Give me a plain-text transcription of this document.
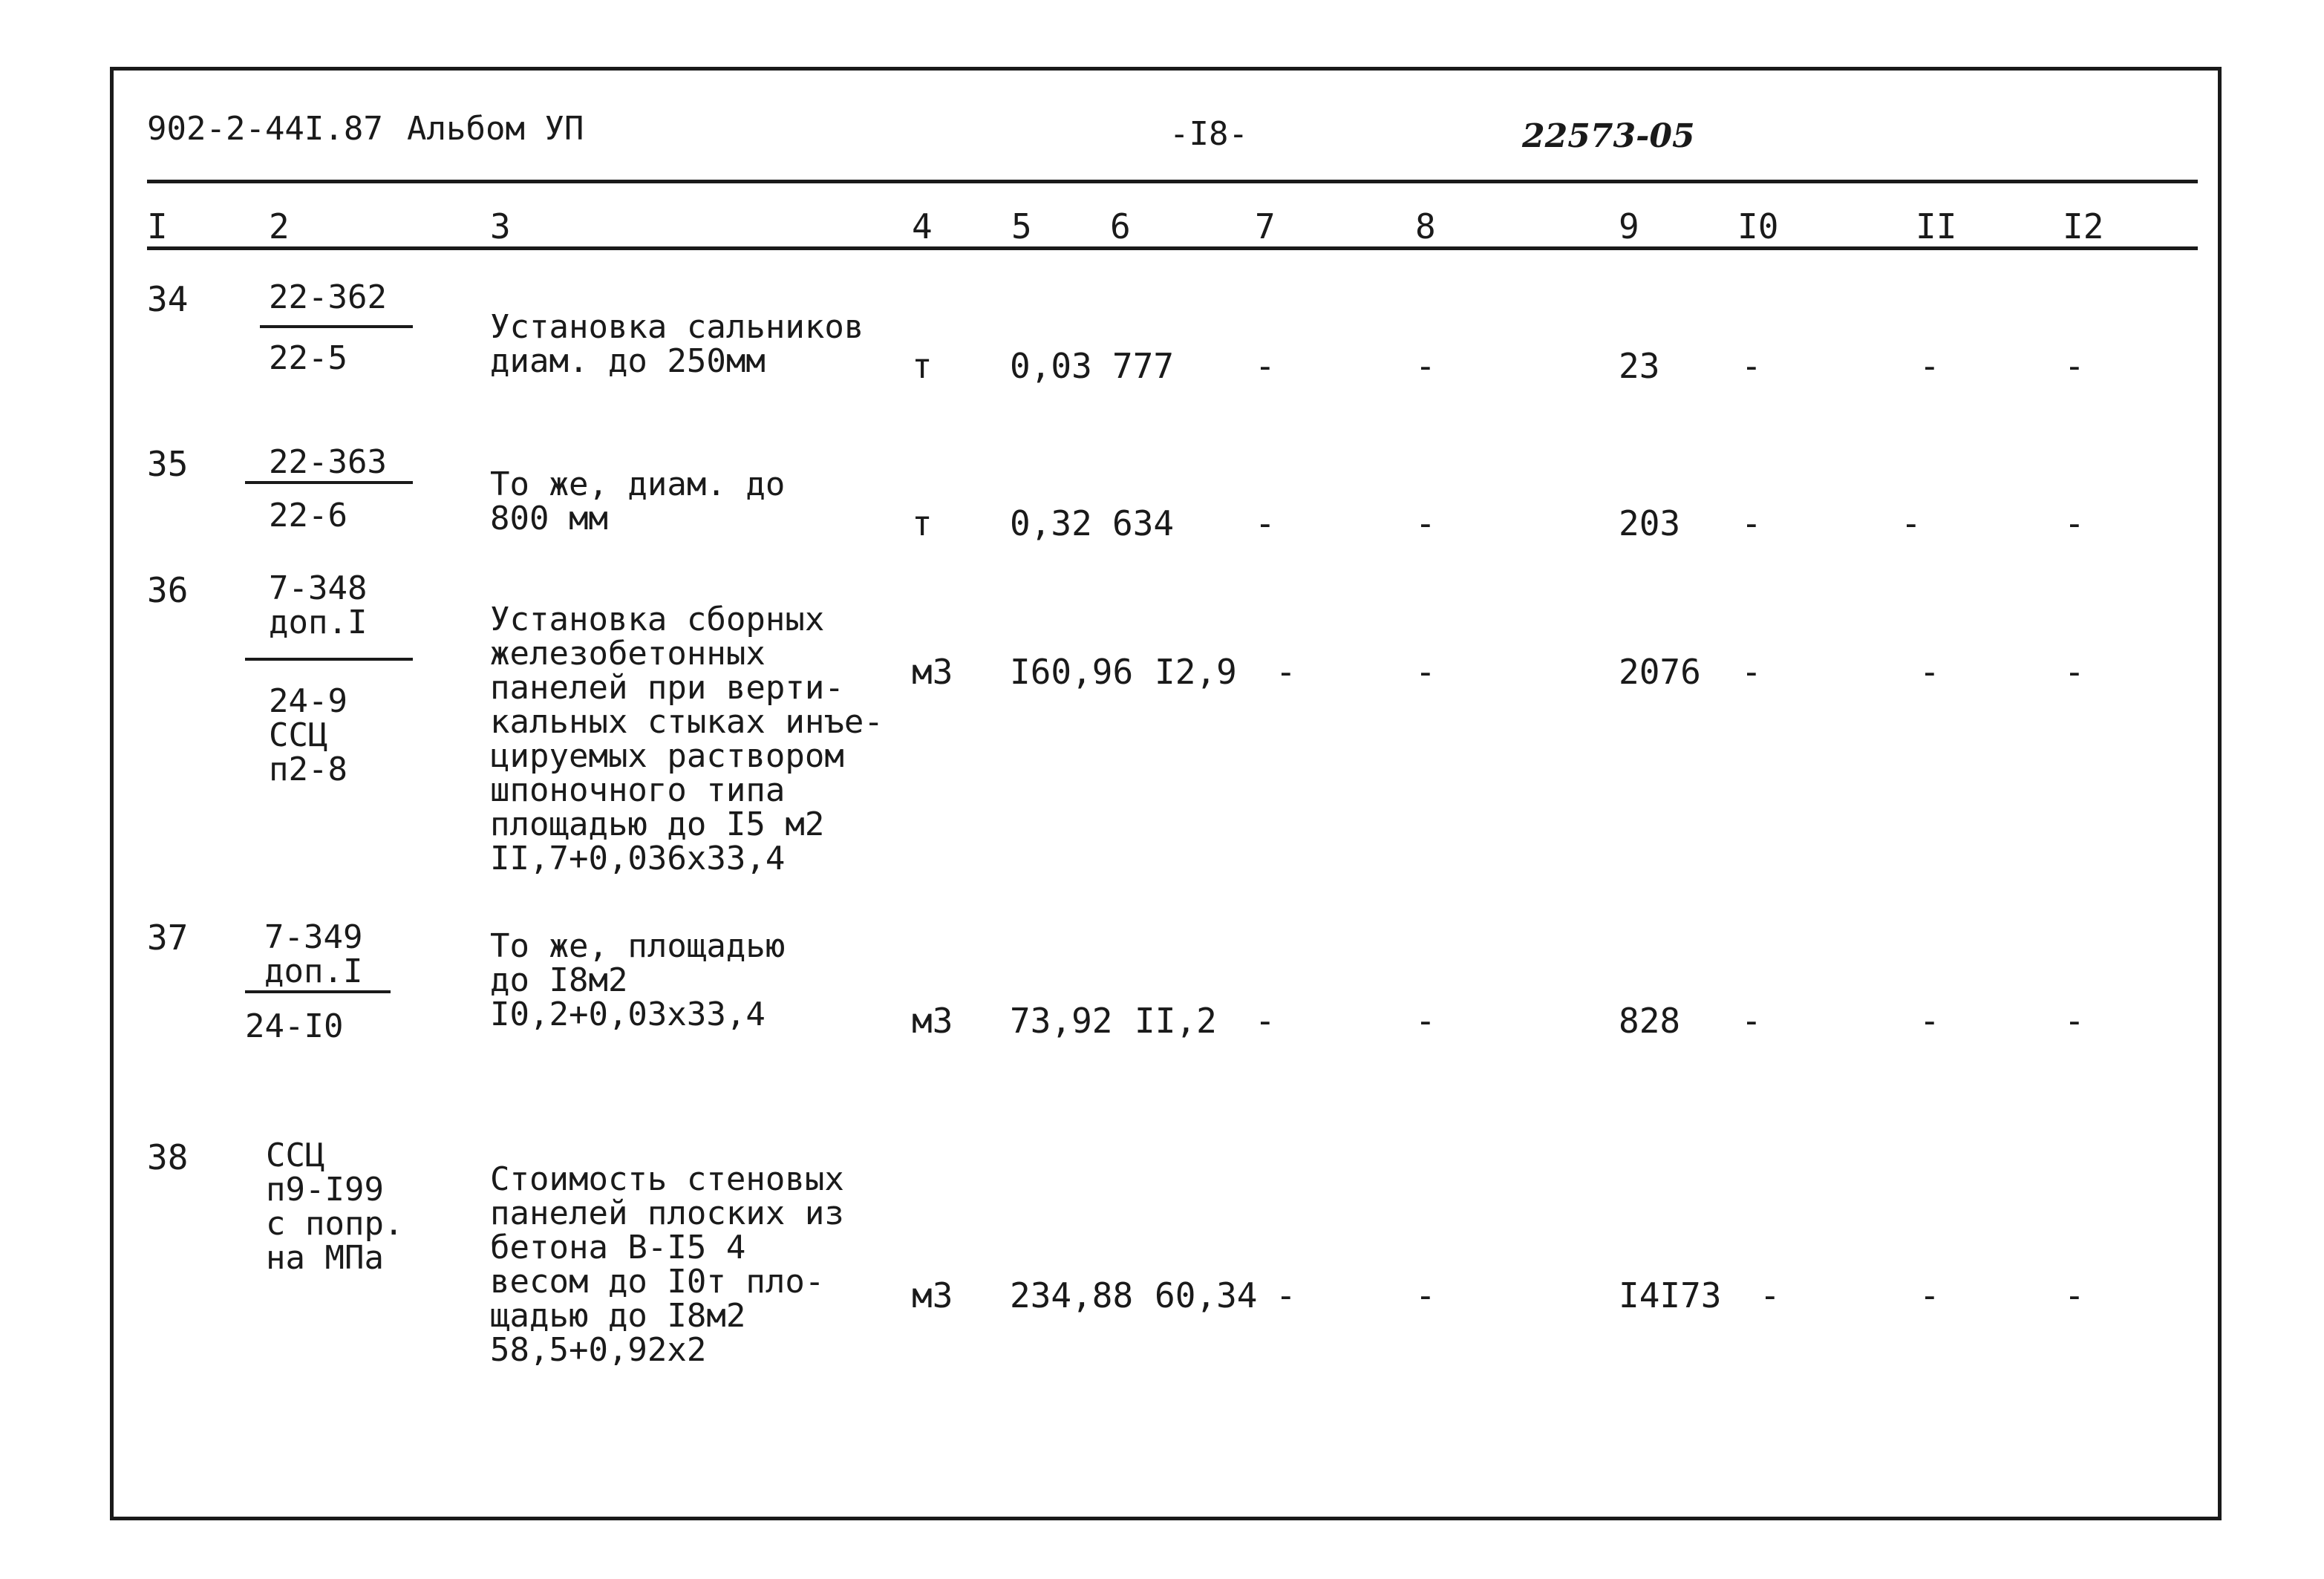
902-2-44I.87 Альбом УП	-I8-	22573-05
I	2	3	4 5 6	7	8	9	I0	II	I2
34 22-362
22-5
Установка сальников
диам. до 250мм	т 0,03 777 -	-	23 -	-	-
35 22-363
22-6
То же, диам. до
800 мм	т 0,32 634 -	-	203 -	-	-
36 7-348
доп.I
24-9
ССЦ
п2-8
Установка сборных
железобетонных
панелей при верти-
кальных стыках инъе-
цируемых раствором
шпоночного типа
площадью до I5 м2
II,7+0,036х33,4
м3 I60,96 I2,9 -	-	2076 -	-	-
37 7-349
доп.I
24-I0
То же, площадью
до I8м2
I0,2+0,03х33,4	м3 73,92 II,2 -	-	828 -	-	-
38 ССЦ
п9-I99
с попр.
на МПа
Стоимость стеновых
панелей плоских из
бетона В-I5 4
весом до I0т пло-
щадью до I8м2
58,5+0,92х2
м3 234,88 60,34 -	-	I4I73 -	-	-
